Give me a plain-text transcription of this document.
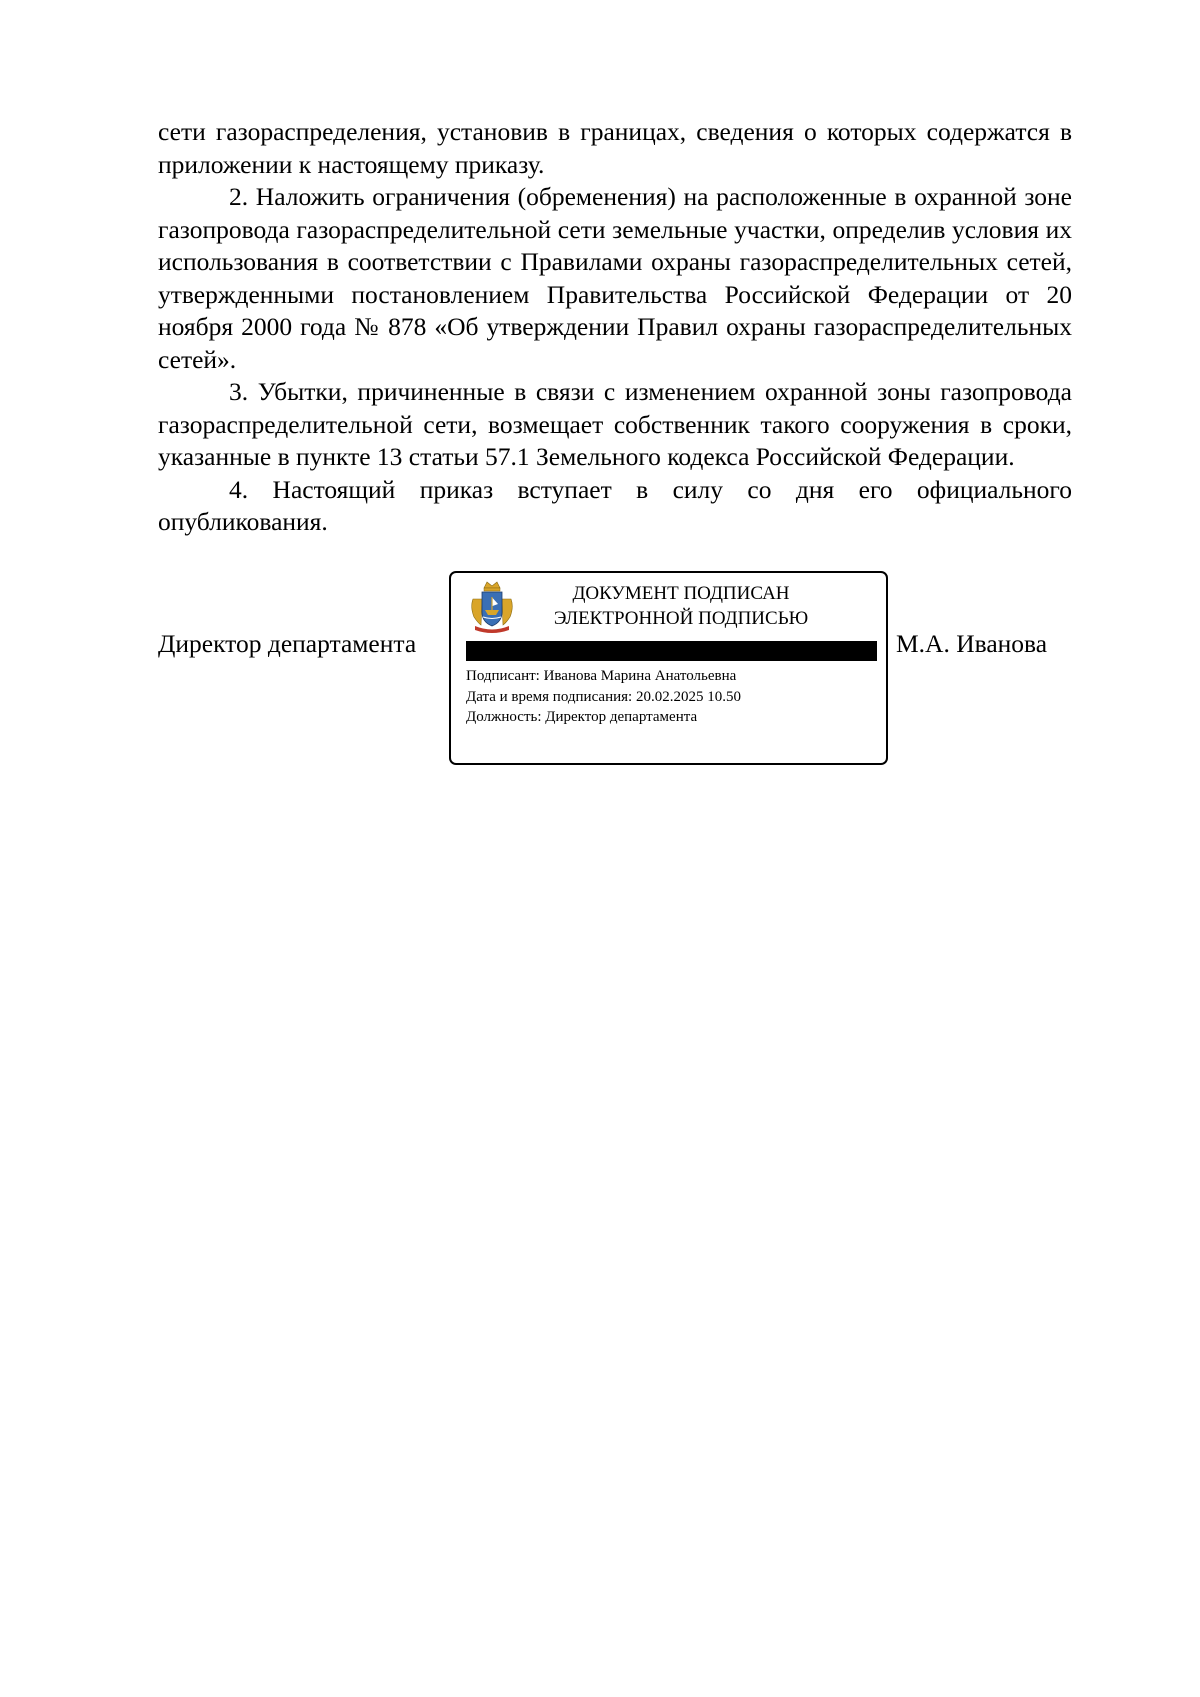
сети газораспределения, установив в границах, сведения о которых содержатся в приложении к настоящему приказу.

2. Наложить ограничения (обременения) на расположенные в охранной зоне газопровода газораспределительной сети земельные участки, определив условия их использования в соответствии с Правилами охраны газораспределительных сетей, утвержденными постановлением Правительства Российской Федерации от 20 ноября 2000 года № 878 «Об утверждении Правил охраны газораспределительных сетей».

3. Убытки, причиненные в связи с изменением охранной зоны газопровода газораспределительной сети, возмещает собственник такого сооружения в сроки, указанные в пункте 13 статьи 57.1 Земельного кодекса Российской Федерации.

4. Настоящий приказ вступает в силу со дня его официального опубликования.

Директор департамента
ДОКУМЕНТ ПОДПИСАН
ЭЛЕКТРОННОЙ ПОДПИСЬЮ
Подписант: Иванова Марина Анатольевна
Дата и время подписания: 20.02.2025 10.50
Должность: Директор департамента
М.А. Иванова
